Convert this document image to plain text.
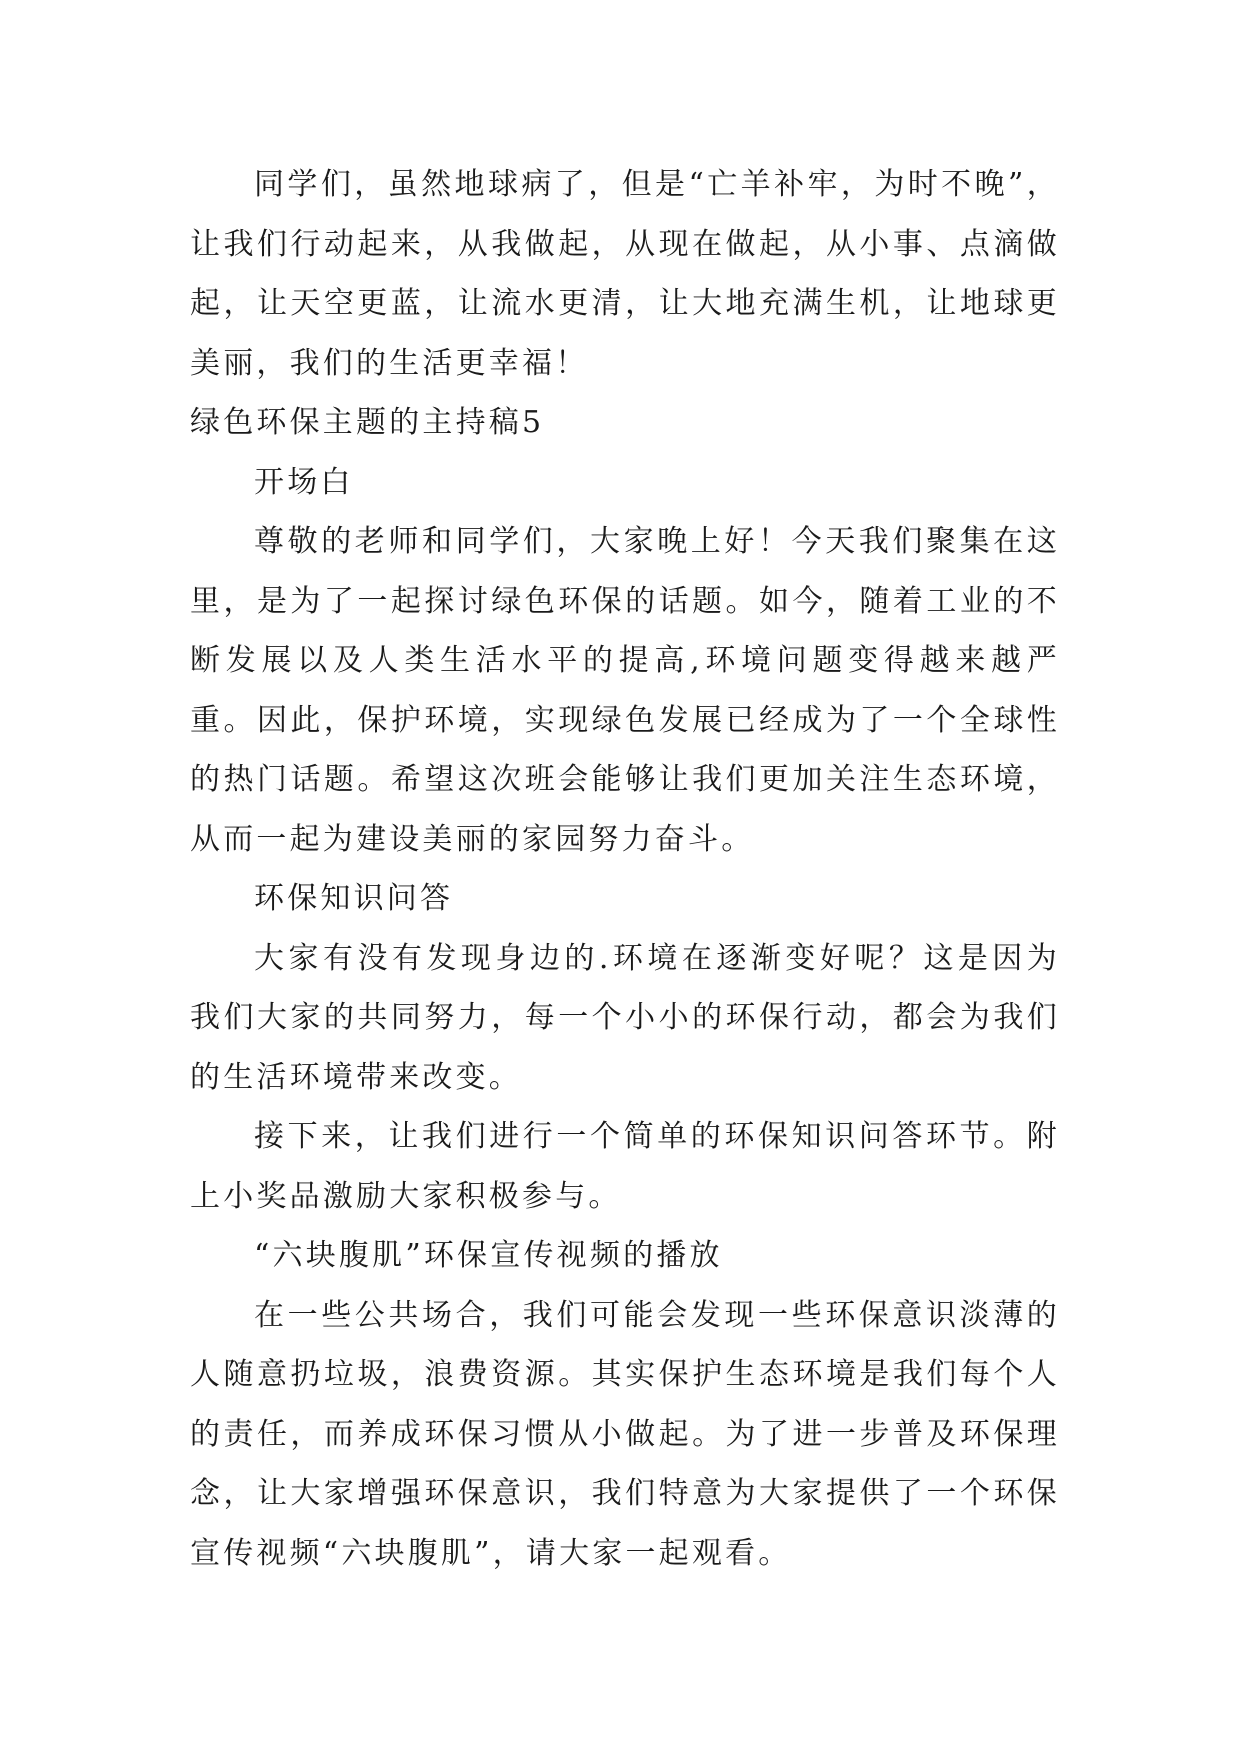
同学们，虽然地球病了，但是“亡羊补牢，为时不晚”，让我们行动起来，从我做起，从现在做起，从小事、点滴做起，让天空更蓝，让流水更清，让大地充满生机，让地球更美丽，我们的生活更幸福！

绿色环保主题的主持稿5

开场白

尊敬的老师和同学们，大家晚上好！今天我们聚集在这里，是为了一起探讨绿色环保的话题。如今，随着工业的不断发展以及人类生活水平的提高,环境问题变得越来越严重。因此，保护环境，实现绿色发展已经成为了一个全球性的热门话题。希望这次班会能够让我们更加关注生态环境，从而一起为建设美丽的家园努力奋斗。

环保知识问答

大家有没有发现身边的.环境在逐渐变好呢？这是因为我们大家的共同努力，每一个小小的环保行动，都会为我们的生活环境带来改变。

接下来，让我们进行一个简单的环保知识问答环节。附上小奖品激励大家积极参与。

“六块腹肌”环保宣传视频的播放

在一些公共场合，我们可能会发现一些环保意识淡薄的人随意扔垃圾，浪费资源。其实保护生态环境是我们每个人的责任，而养成环保习惯从小做起。为了进一步普及环保理念，让大家增强环保意识，我们特意为大家提供了一个环保宣传视频“六块腹肌”，请大家一起观看。
